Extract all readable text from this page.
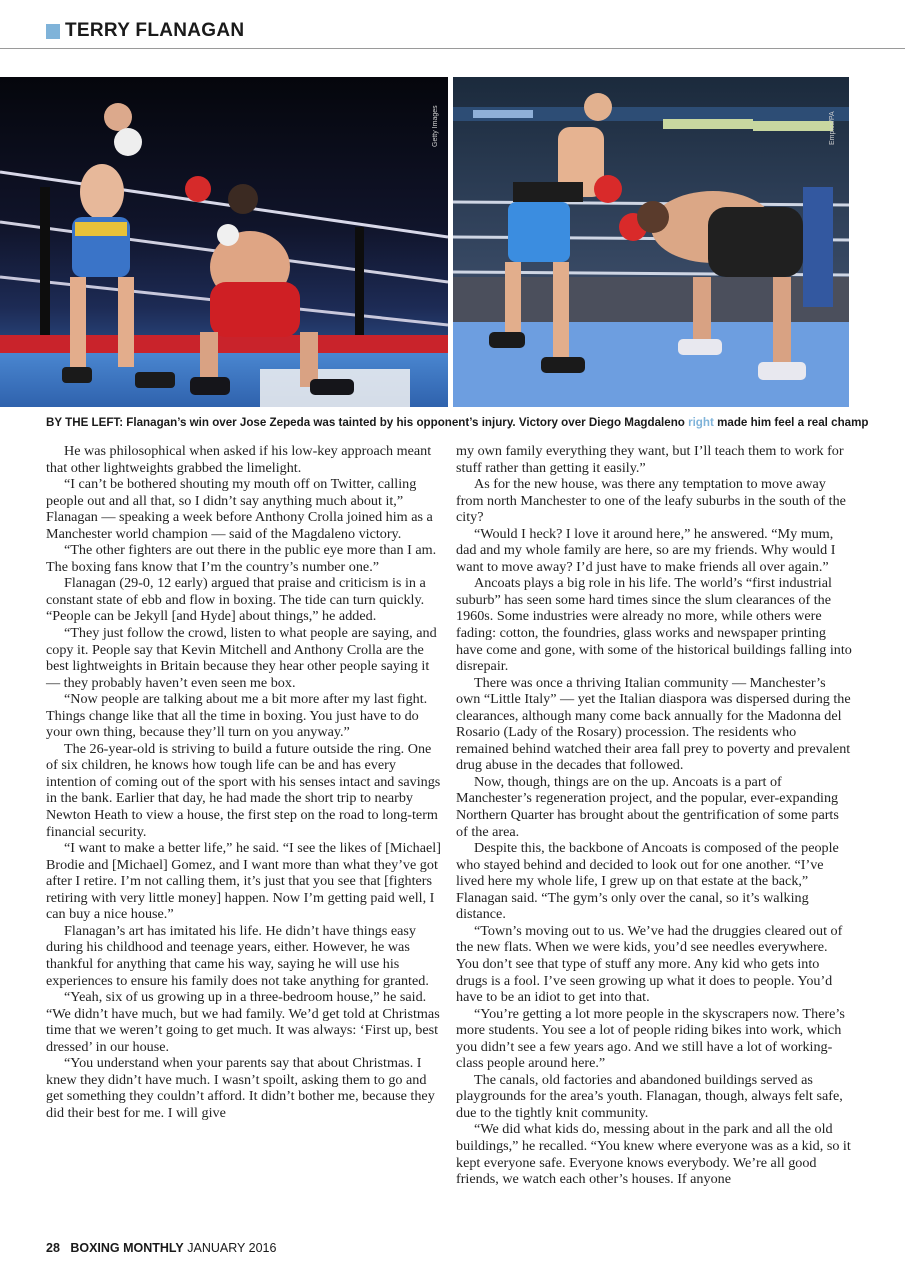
TERRY FLANAGAN
Getty Images	Empics/PA
BY THE LEFT: Flanagan’s win over Jose Zepeda was tainted by his opponent’s injury. Victory over Diego Magdaleno right made him feel a real champ

He was philosophical when asked if his low-key approach meant that other lightweights grabbed the limelight.

“I can’t be bothered shouting my mouth off on Twitter, calling people out and all that, so I didn’t say anything much about it,” Flanagan — speaking a week before Anthony Crolla joined him as a Manchester world champion — said of the Magdaleno victory.

“The other fighters are out there in the public eye more than I am. The boxing fans know that I’m the country’s number one.”

Flanagan (29-0, 12 early) argued that praise and criticism is in a constant state of ebb and flow in boxing. The tide can turn quickly. “People can be Jekyll [and Hyde] about things,” he added.

“They just follow the crowd, listen to what people are saying, and copy it. People say that Kevin Mitchell and Anthony Crolla are the best lightweights in Britain because they hear other people saying it — they probably haven’t even seen me box.

“Now people are talking about me a bit more after my last fight. Things change like that all the time in boxing. You just have to do your own thing, because they’ll turn on you anyway.”

The 26-year-old is striving to build a future outside the ring. One of six children, he knows how tough life can be and has every intention of coming out of the sport with his senses intact and savings in the bank. Earlier that day, he had made the short trip to nearby Newton Heath to view a house, the first step on the road to long-term financial security.

“I want to make a better life,” he said. “I see the likes of [Michael] Brodie and [Michael] Gomez, and I want more than what they’ve got after I retire. I’m not calling them, it’s just that you see that [fighters retiring with very little money] happen. Now I’m getting paid well, I can buy a nice house.”

Flanagan’s art has imitated his life. He didn’t have things easy during his childhood and teenage years, either. However, he was thankful for anything that came his way, saying he will use his experiences to ensure his family does not take anything for granted.

“Yeah, six of us growing up in a three-bedroom house,” he said. “We didn’t have much, but we had family. We’d get told at Christmas time that we weren’t going to get much. It was always: ‘First up, best dressed’ in our house.

“You understand when your parents say that about Christmas. I knew they didn’t have much. I wasn’t spoilt, asking them to go and get something they couldn’t afford. It didn’t bother me, because they did their best for me. I will give

my own family everything they want, but I’ll teach them to work for stuff rather than getting it easily.”

As for the new house, was there any temptation to move away from north Manchester to one of the leafy suburbs in the south of the city?

“Would I heck? I love it around here,” he answered. “My mum, dad and my whole family are here, so are my friends. Why would I want to move away? I’d just have to make friends all over again.”

Ancoats plays a big role in his life. The world’s “first industrial suburb” has seen some hard times since the slum clearances of the 1960s. Some industries were already no more, while others were fading: cotton, the foundries, glass works and newspaper printing have come and gone, with some of the historical buildings falling into disrepair.

There was once a thriving Italian community — Manchester’s own “Little Italy” — yet the Italian diaspora was dispersed during the clearances, although many come back annually for the Madonna del Rosario (Lady of the Rosary) procession. The residents who remained behind watched their area fall prey to poverty and prevalent drug abuse in the decades that followed.

Now, though, things are on the up. Ancoats is a part of Manchester’s regeneration project, and the popular, ever-expanding Northern Quarter has brought about the gentrification of some parts of the area.

Despite this, the backbone of Ancoats is composed of the people who stayed behind and decided to look out for one another. “I’ve lived here my whole life, I grew up on that estate at the back,” Flanagan said. “The gym’s only over the canal, so it’s walking distance.

“Town’s moving out to us. We’ve had the druggies cleared out of the new flats. When we were kids, you’d see needles everywhere. You don’t see that type of stuff any more. Any kid who gets into drugs is a fool. I’ve seen growing up what it does to people. You’d have to be an idiot to get into that.

“You’re getting a lot more people in the skyscrapers now. There’s more students. You see a lot of people riding bikes into work, which you didn’t see a few years ago. And we still have a lot of working-class people around here.”

The canals, old factories and abandoned buildings served as playgrounds for the area’s youth. Flanagan, though, always felt safe, due to the tightly knit community.

“We did what kids do, messing about in the park and all the old buildings,” he recalled. “You knew where everyone was as a kid, so it kept everyone safe. Everyone knows everybody. We’re all good friends, we watch each other’s houses. If anyone

28 BOXING MONTHLY JANUARY 2016
